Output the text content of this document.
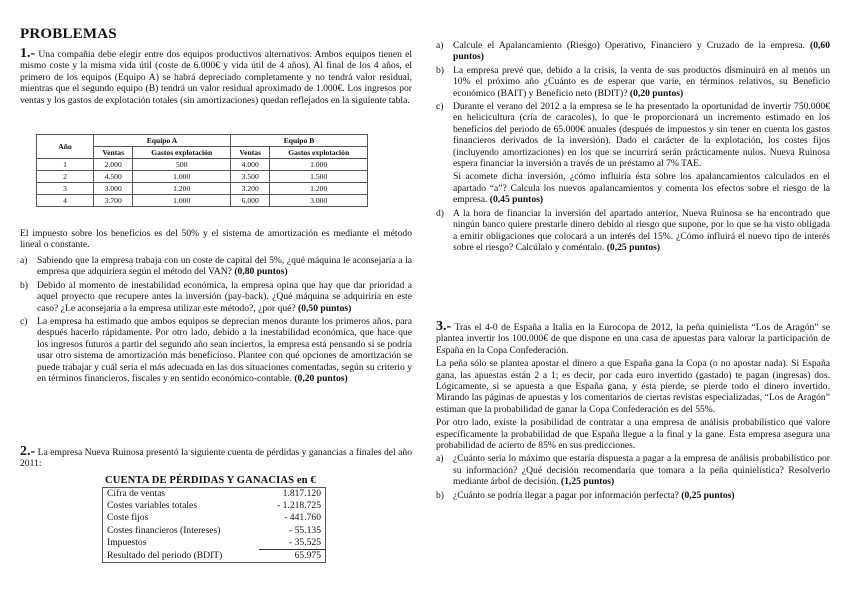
PROBLEMAS

1.- Una compañía debe elegir entre dos equipos productivos alternativos. Ambos equipos tienen el mismo coste y la misma vida útil (coste de 6.000€ y vida útil de 4 años). Al final de los 4 años, el primero de los equipos (Equipo A) se habrá depreciado completamente y no tendrá valor residual, mientras que el segundo equipo (B) tendrá un valor residual aproximado de 1.000€. Los ingresos por ventas y los gastos de explotación totales (sin amortizaciones) quedan reflejados en la siguiente tabla.

Año	Equipo A		Equipo B	
	Ventas	Gastos explotación	Ventas	Gastos explotación
1	2.000	500	4.000	1.000
2	4.500	1.000	3.500	1.500
3	3.000	1.200	3.200	1.200
4	3.700	1.000	6.000	3.000

El impuesto sobre los beneficios es del 50% y el sistema de amortización es mediante el método lineal o constante.

a) Sabiendo que la empresa trabaja con un coste de capital del 5%, ¿qué máquina le aconsejaría a la empresa que adquiriera según el método del VAN? (0,80 puntos)

b) Debido al momento de inestabilidad económica, la empresa opina que hay que dar prioridad a aquel proyecto que recupere antes la inversión (pay-back). ¿Qué máquina se adquiriría en este caso? ¿Le aconsejaría a la empresa utilizar este método?, ¿por qué? (0,50 puntos)

c) La empresa ha estimado que ambos equipos se deprecian menos durante los primeros años, para después hacerlo rápidamente. Por otro lado, debido a la inestabilidad económica, que hace que los ingresos futuros a partir del segundo año sean inciertos, la empresa está pensando si se podría usar otro sistema de amortización más beneficioso. Plantee con qué opciones de amortización se puede trabajar y cuál sería el más adecuada en las dos situaciones comentadas, según su criterio y en términos financieros, fiscales y en sentido económico-contable. (0,20 puntos)

2.- La empresa Nueva Ruinosa presentó la siguiente cuenta de pérdidas y ganancias a finales del año 2011:

CUENTA DE PÉRDIDAS Y GANACIAS en €
Cifra de ventas	1.817.120
Costes variables totales	- 1.218.725
Coste fijos	- 441.760
Costes financieros (Intereses)	- 55.135
Impuestos	- 35.525
Resultado del periodo (BDIT)	65.975

a) Calcule el Apalancamiento (Riesgo) Operativo, Financiero y Cruzado de la empresa. (0,60 puntos)

b) La empresa prevé que, debido a la crisis, la venta de sus productos disminuirá en al menos un 10% el próximo año ¿Cuánto es de esperar que varíe, en términos relativos, su Beneficio económico (BAIT) y Beneficio neto (BDIT)? (0,20 puntos)

c) Durante el verano del 2012 a la empresa se le ha presentado la oportunidad de invertir 750.000€ en helicicultura (cría de caracoles), lo que le proporcionará un incremento estimado en los beneficios del periodo de 65.000€ anuales (después de impuestos y sin tener en cuenta los gastos financieros derivados de la inversión). Dado el carácter de la explotación, los costes fijos (incluyendo amortizaciones) en los que se incurrirá serán prácticamente nulos. Nueva Ruinosa espera financiar la inversión a través de un préstamo al 7% TAE.

Si acomete dicha inversión, ¿cómo influiría ésta sobre los apalancamientos calculados en el apartado “a”? Calcula los nuevos apalancamientos y comenta los efectos sobre el riesgo de la empresa. (0,45 puntos)

d) A la hora de financiar la inversión del apartado anterior, Nueva Ruinosa se ha encontrado que ningún banco quiere prestarle dinero debido al riesgo que supone, por lo que se ha visto obligada a emitir obligaciones que colocará a un interés del 15%. ¿Cómo influirá el nuevo tipo de interés sobre el riesgo? Calcúlalo y coméntalo. (0,25 puntos)

3.- Tras el 4-0 de España a Italia en la Eurocopa de 2012, la peña quinielista “Los de Aragón” se plantea invertir los 100.000€ de que dispone en una casa de apuestas para valorar la participación de España en la Copa Confederación.

La peña sólo se plantea apostar el dinero a que España gana la Copa (o no apostar nada). Si España gana, las apuestas están 2 a 1; es decir, por cada euro invertido (gastado) te pagan (ingresas) dos. Lógicamente, si se apuesta a que España gana, y ésta pierde, se pierde todo el dinero invertido. Mirando las páginas de apuestas y los comentarios de ciertas revistas especializadas, “Los de Aragón” estiman que la probabilidad de ganar la Copa Confederación es del 55%.

Por otro lado, existe la posibilidad de contratar a una empresa de análisis probabilístico que valore específicamente la probabilidad de que España llegue a la final y la gane. Esta empresa asegura una probabilidad de acierto de 85% en sus predicciones.

a) ¿Cuánto sería lo máximo que estaría dispuesta a pagar a la empresa de análisis probabilístico por su información? ¿Qué decisión recomendaría que tomara a la peña quinielística? Resolverlo mediante árbol de decisión. (1,25 puntos)

b) ¿Cuánto se podría llegar a pagar por información perfecta? (0,25 puntos)
